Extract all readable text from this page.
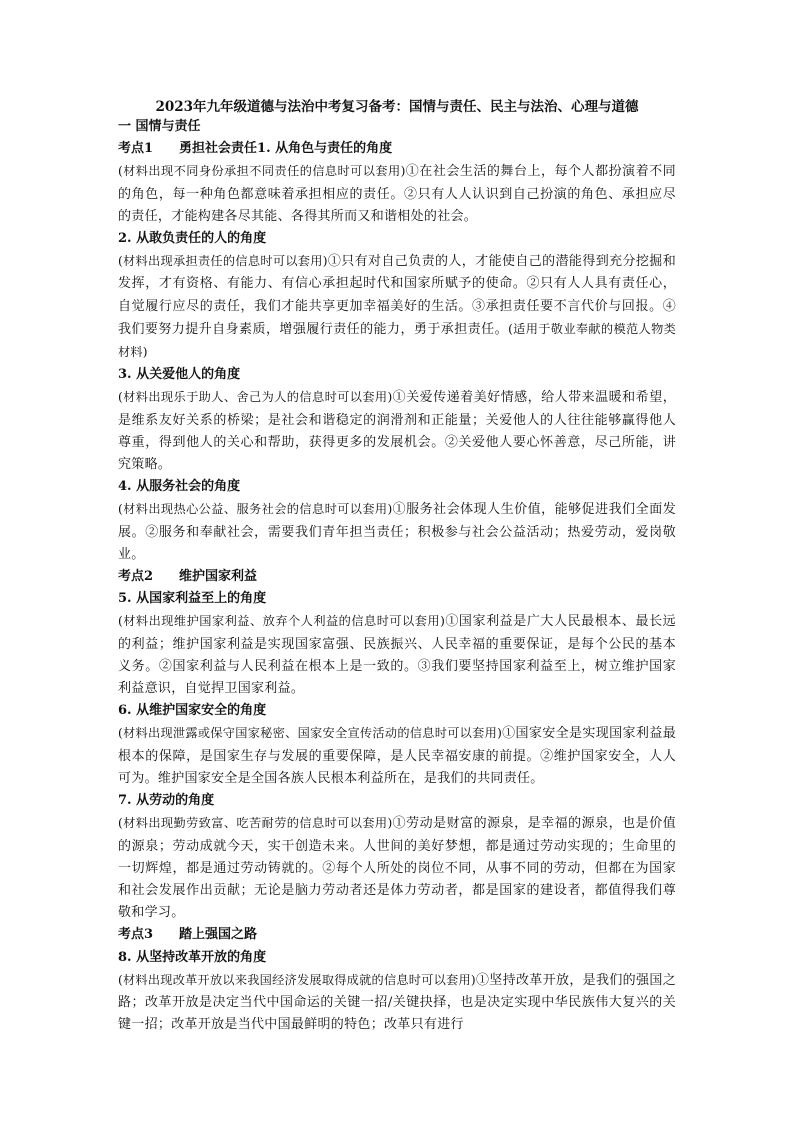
2023年九年级道德与法治中考复习备考：国情与责任、民主与法治、心理与道德

一 国情与责任

考点1 勇担社会责任1. 从角色与责任的角度

(材料出现不同身份承担不同责任的信息时可以套用)①在社会生活的舞台上，每个人都扮演着不同的角色，每一种角色都意味着承担相应的责任。②只有人人认识到自己扮演的角色、承担应尽的责任，才能构建各尽其能、各得其所而又和谐相处的社会。

2. 从敢负责任的人的角度

(材料出现承担责任的信息时可以套用)①只有对自己负责的人，才能使自己的潜能得到充分挖掘和发挥，才有资格、有能力、有信心承担起时代和国家所赋予的使命。②只有人人具有责任心，自觉履行应尽的责任，我们才能共享更加幸福美好的生活。③承担责任要不言代价与回报。④我们要努力提升自身素质，增强履行责任的能力，勇于承担责任。(适用于敬业奉献的模范人物类材料)

3. 从关爱他人的角度

(材料出现乐于助人、舍己为人的信息时可以套用)①关爱传递着美好情感，给人带来温暖和希望，是维系友好关系的桥梁；是社会和谐稳定的润滑剂和正能量；关爱他人的人往往能够赢得他人尊重，得到他人的关心和帮助，获得更多的发展机会。②关爱他人要心怀善意，尽己所能，讲究策略。

4. 从服务社会的角度

(材料出现热心公益、服务社会的信息时可以套用)①服务社会体现人生价值，能够促进我们全面发展。②服务和奉献社会，需要我们青年担当责任；积极参与社会公益活动；热爱劳动，爱岗敬业。

考点2 维护国家利益

5. 从国家利益至上的角度

(材料出现维护国家利益、放弃个人利益的信息时可以套用)①国家利益是广大人民最根本、最长远的利益；维护国家利益是实现国家富强、民族振兴、人民幸福的重要保证，是每个公民的基本义务。②国家利益与人民利益在根本上是一致的。③我们要坚持国家利益至上，树立维护国家利益意识，自觉捍卫国家利益。

6. 从维护国家安全的角度

(材料出现泄露或保守国家秘密、国家安全宣传活动的信息时可以套用)①国家安全是实现国家利益最根本的保障，是国家生存与发展的重要保障，是人民幸福安康的前提。②维护国家安全，人人可为。维护国家安全是全国各族人民根本利益所在，是我们的共同责任。

7. 从劳动的角度

(材料出现勤劳致富、吃苦耐劳的信息时可以套用)①劳动是财富的源泉，是幸福的源泉，也是价值的源泉；劳动成就今天，实干创造未来。人世间的美好梦想，都是通过劳动实现的；生命里的一切辉煌，都是通过劳动铸就的。②每个人所处的岗位不同，从事不同的劳动，但都在为国家和社会发展作出贡献；无论是脑力劳动者还是体力劳动者，都是国家的建设者，都值得我们尊敬和学习。

考点3 踏上强国之路

8. 从坚持改革开放的角度

(材料出现改革开放以来我国经济发展取得成就的信息时可以套用)①坚持改革开放，是我们的强国之路；改革开放是决定当代中国命运的关键一招/关键抉择，也是决定实现中华民族伟大复兴的关键一招；改革开放是当代中国最鲜明的特色；改革只有进行
